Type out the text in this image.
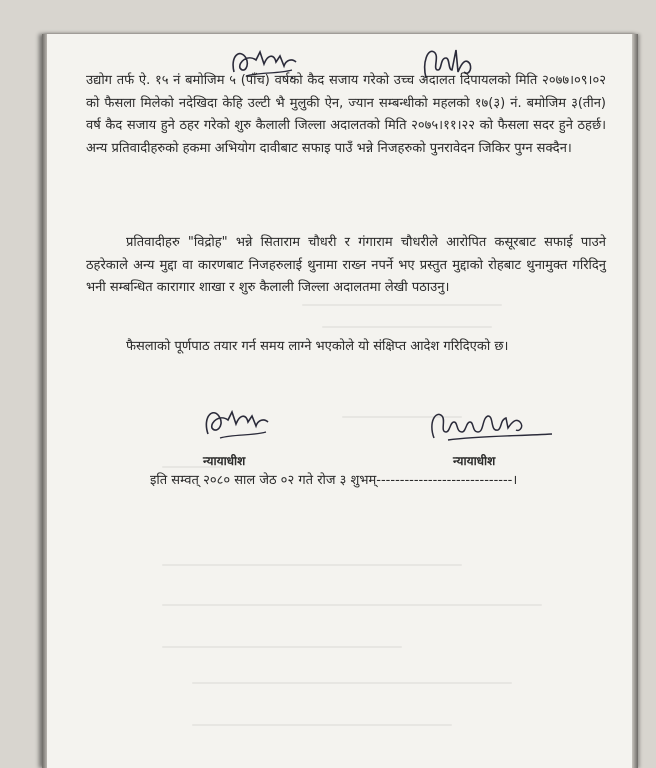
उद्योग तर्फ ऐ. १५ नं बमोजिम ५ (पाँच) वर्षको कैद सजाय गरेको उच्च अदालत दिपायलको मिति २०७७।०९।०२ को फैसला मिलेको नदेखिदा केहि उल्टी भै मुलुकी ऐन, ज्यान सम्बन्धीको महलको १७(३) नं. बमोजिम ३(तीन) वर्ष कैद सजाय हुने ठहर गरेको शुरु कैलाली जिल्ला अदालतको मिति २०७५।११।२२ को फैसला सदर हुने ठहर्छ। अन्य प्रतिवादीहरुको हकमा अभियोग दावीबाट सफाइ पाउँ भन्ने निजहरुको पुनरावेदन जिकिर पुग्न सक्दैन।

प्रतिवादीहरु "विद्रोह" भन्ने सिताराम चौधरी र गंगाराम चौधरीले आरोपित कसूरबाट सफाई पाउने ठहरेकाले अन्य मुद्दा वा कारणबाट निजहरुलाई थुनामा राख्न नपर्ने भए प्रस्तुत मुद्दाको रोहबाट थुनामुक्त गरिदिनु भनी सम्बन्धित कारागार शाखा र शुरु कैलाली जिल्ला अदालतमा लेखी पठाउनु।

फैसलाको पूर्णपाठ तयार गर्न समय लाग्ने भएकोले यो संक्षिप्त आदेश गरिदिएको छ।

न्यायाधीश	न्यायाधीश
इति सम्वत् २०८० साल जेठ ०२ गते रोज ३ शुभम्-----------------------------।
